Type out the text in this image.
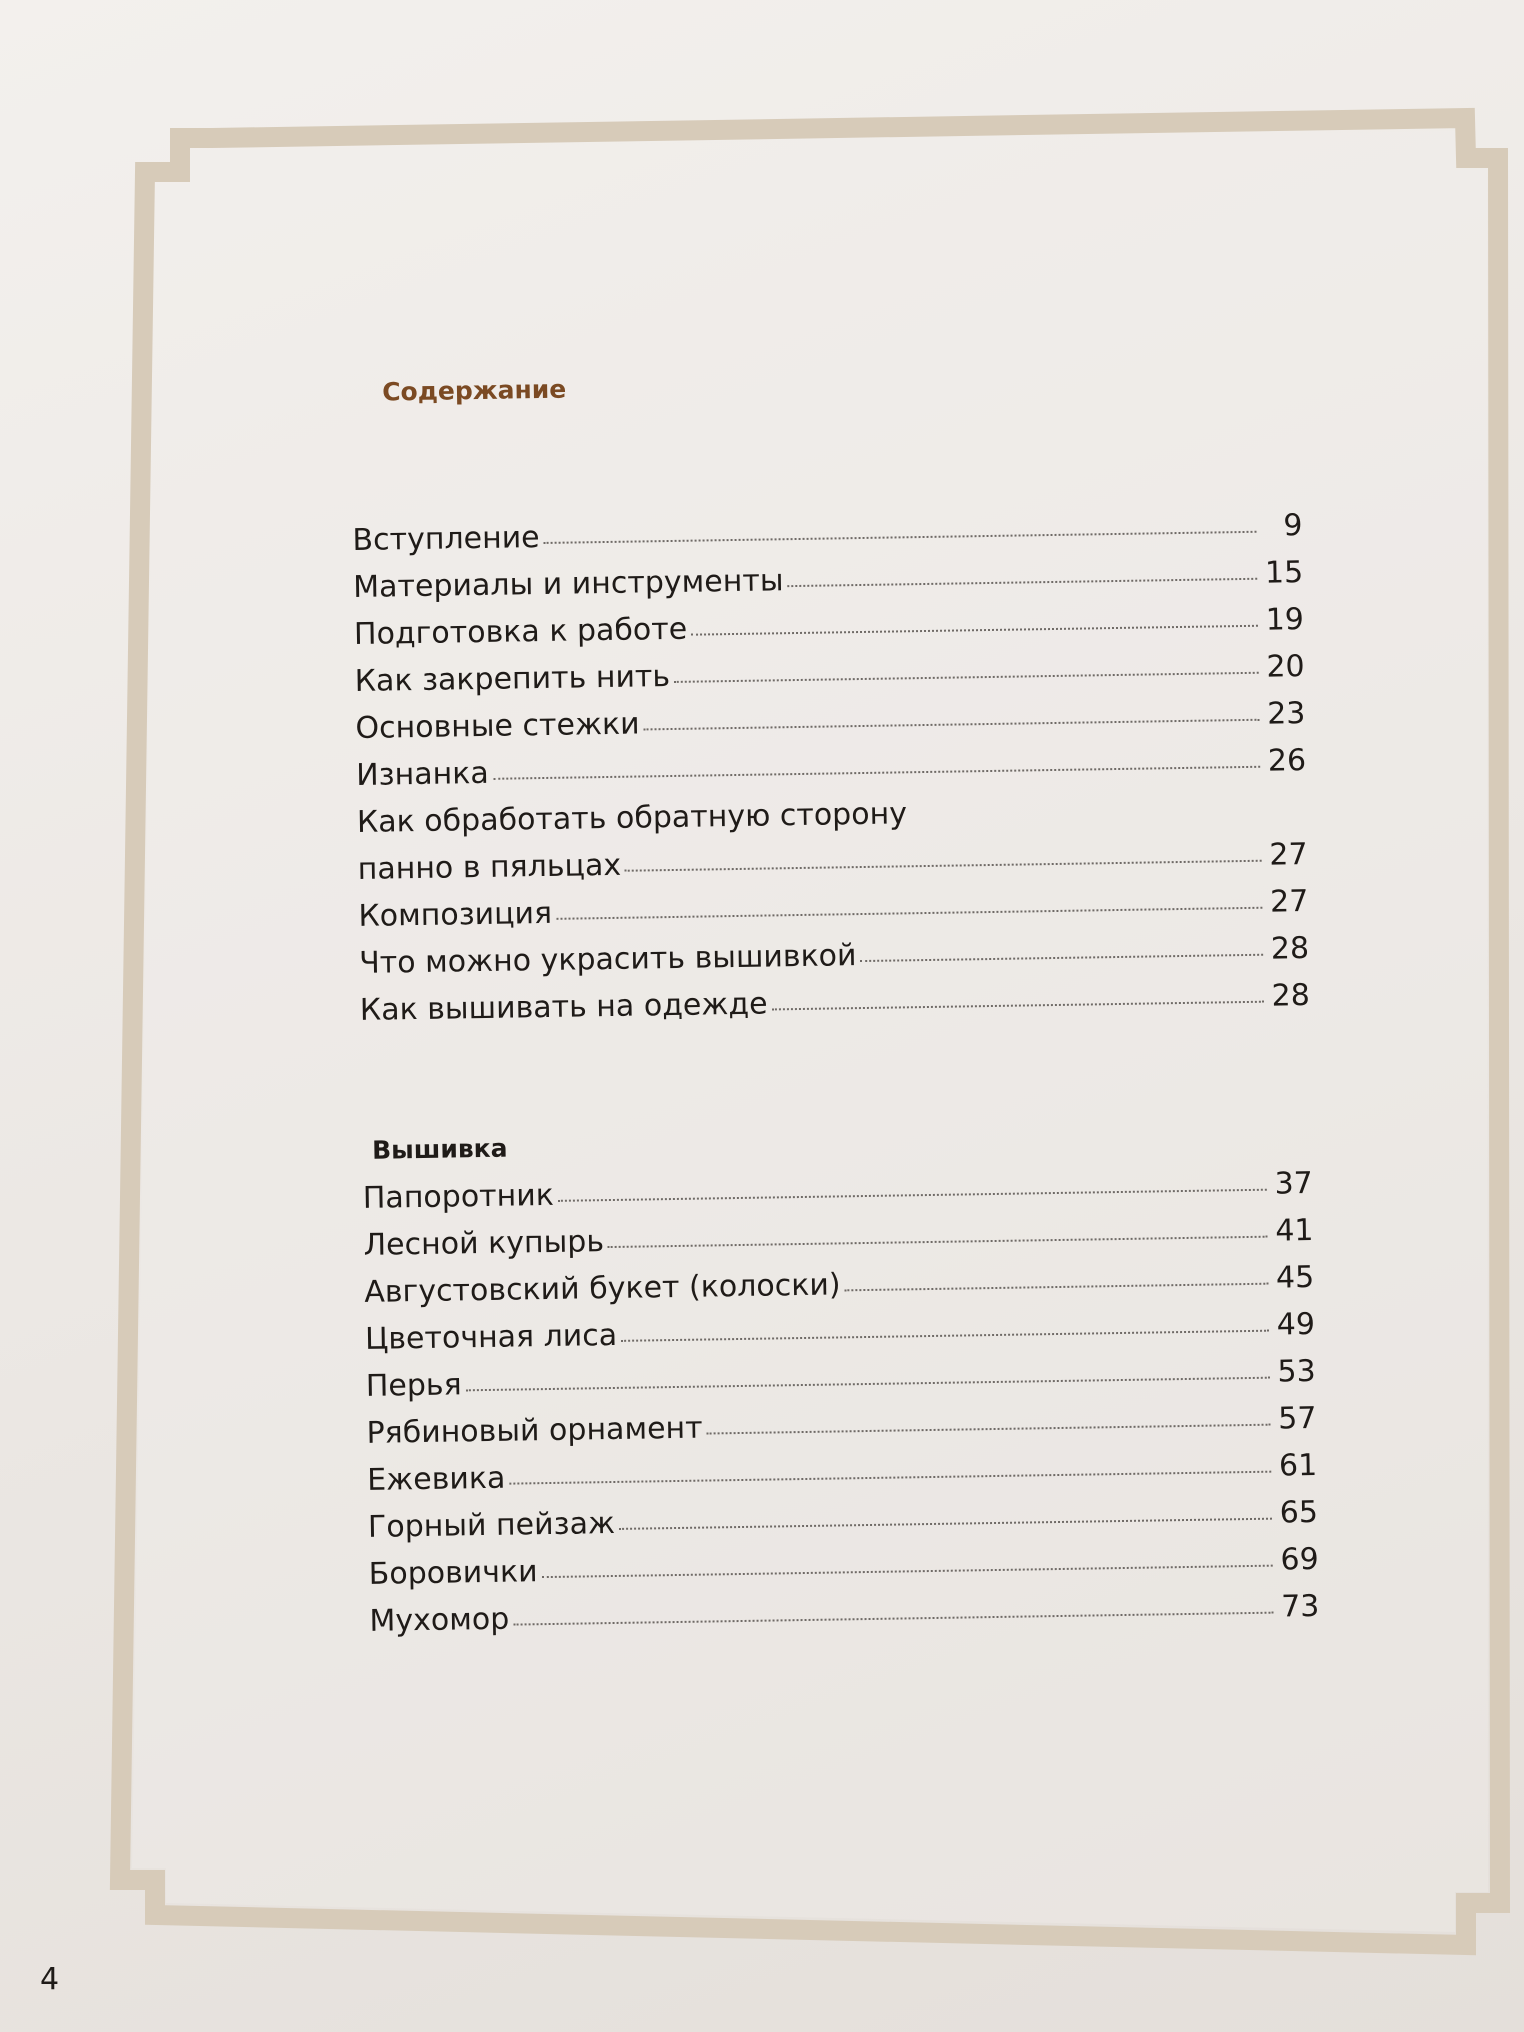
Содержание
Вступление	9
Материалы и инструменты	15
Подготовка к работе	19
Как закрепить нить	20
Основные стежки	23
Изнанка	26
Как обработать обратную сторону
панно в пяльцах	27
Композиция	27
Что можно украсить вышивкой	28
Как вышивать на одежде	28
Вышивка
Папоротник	37
Лесной купырь	41
Августовский букет (колоски)	45
Цветочная лиса	49
Перья	53
Рябиновый орнамент	57
Ежевика	61
Горный пейзаж	65
Боровички	69
Мухомор	73
4
